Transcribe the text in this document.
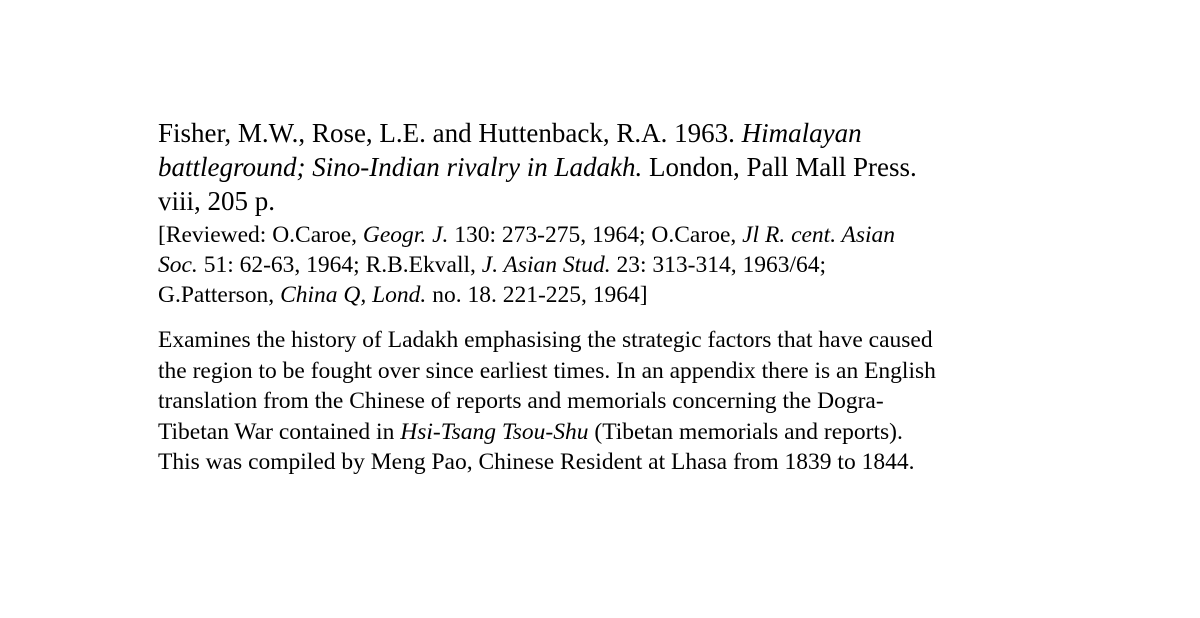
Fisher, M.W., Rose, L.E. and Huttenback, R.A. 1963. Himalayan
battleground; Sino-Indian rivalry in Ladakh. London, Pall Mall Press.
viii, 205 p.

[Reviewed: O.Caroe, Geogr. J. 130: 273-275, 1964; O.Caroe, Jl R. cent. Asian
Soc. 51: 62-63, 1964; R.B.Ekvall, J. Asian Stud. 23: 313-314, 1963/64;
G.Patterson, China Q, Lond. no. 18. 221-225, 1964]

Examines the history of Ladakh emphasising the strategic factors that have caused
the region to be fought over since earliest times. In an appendix there is an English
translation from the Chinese of reports and memorials concerning the Dogra-
Tibetan War contained in Hsi-Tsang Tsou-Shu (Tibetan memorials and reports).
This was compiled by Meng Pao, Chinese Resident at Lhasa from 1839 to 1844.
